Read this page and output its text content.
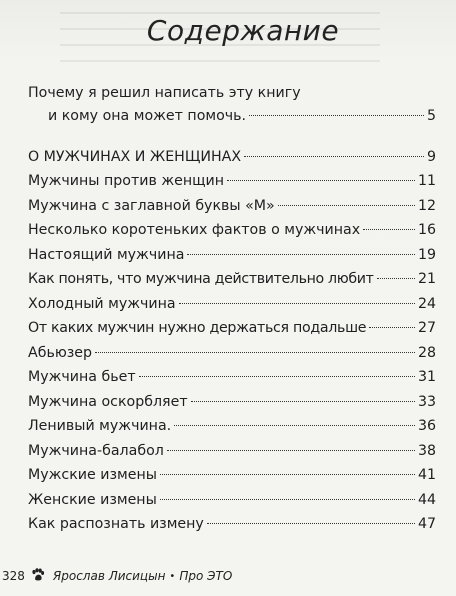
Содержание
Почему я решил написать эту книгу
и кому она может помочь.	5
О МУЖЧИНАХ И ЖЕНЩИНАХ	9
Мужчины против женщин	11
Мужчина с заглавной буквы «М»	12
Несколько коротеньких фактов о мужчинах	16
Настоящий мужчина	19
Как понять, что мужчина действительно любит	21
Холодный мужчина	24
От каких мужчин нужно держаться подальше	27
Абьюзер	28
Мужчина бьет	31
Мужчина оскорбляет	33
Ленивый мужчина.	36
Мужчина-балабол	38
Мужские измены	41
Женские измены	44
Как распознать измену	47
328 Ярослав Лисицын • Про ЭТО
